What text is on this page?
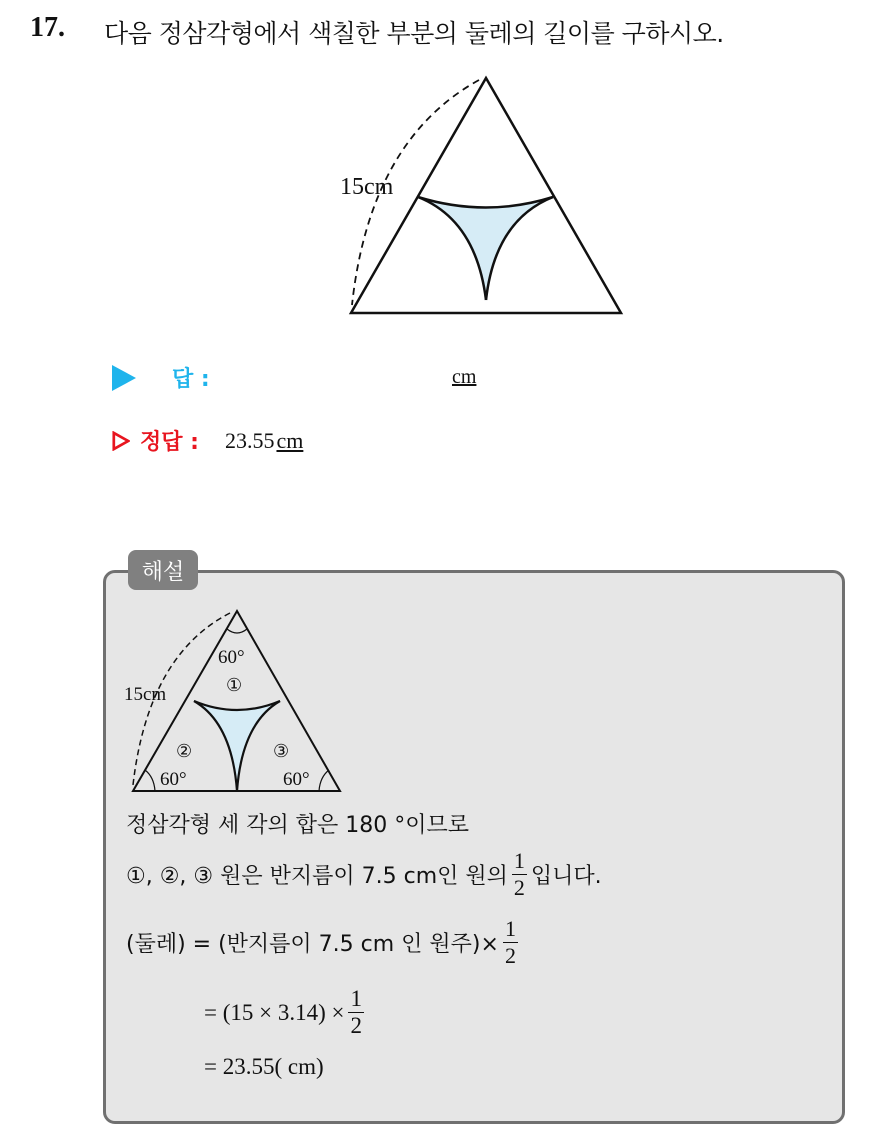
17. 다음 정삼각형에서 색칠한 부분의 둘레의 길이를 구하시오.
15cm
답 :	cm
정답 : 23.55 cm
해설
15cm
60°
①
②	③
60°	60°
정삼각형 세 각의 합은 180 °이므로
①, ②, ③ 원은 반지름이 7.5 cm인 원의 $\frac{1}{2}$ 입니다.
(둘레) = (반지름이 7.5 cm 인 원주)× $\frac{1}{2}$
= $(15 \times 3.14) \times \frac{1}{2}$
= 23.55( cm)
